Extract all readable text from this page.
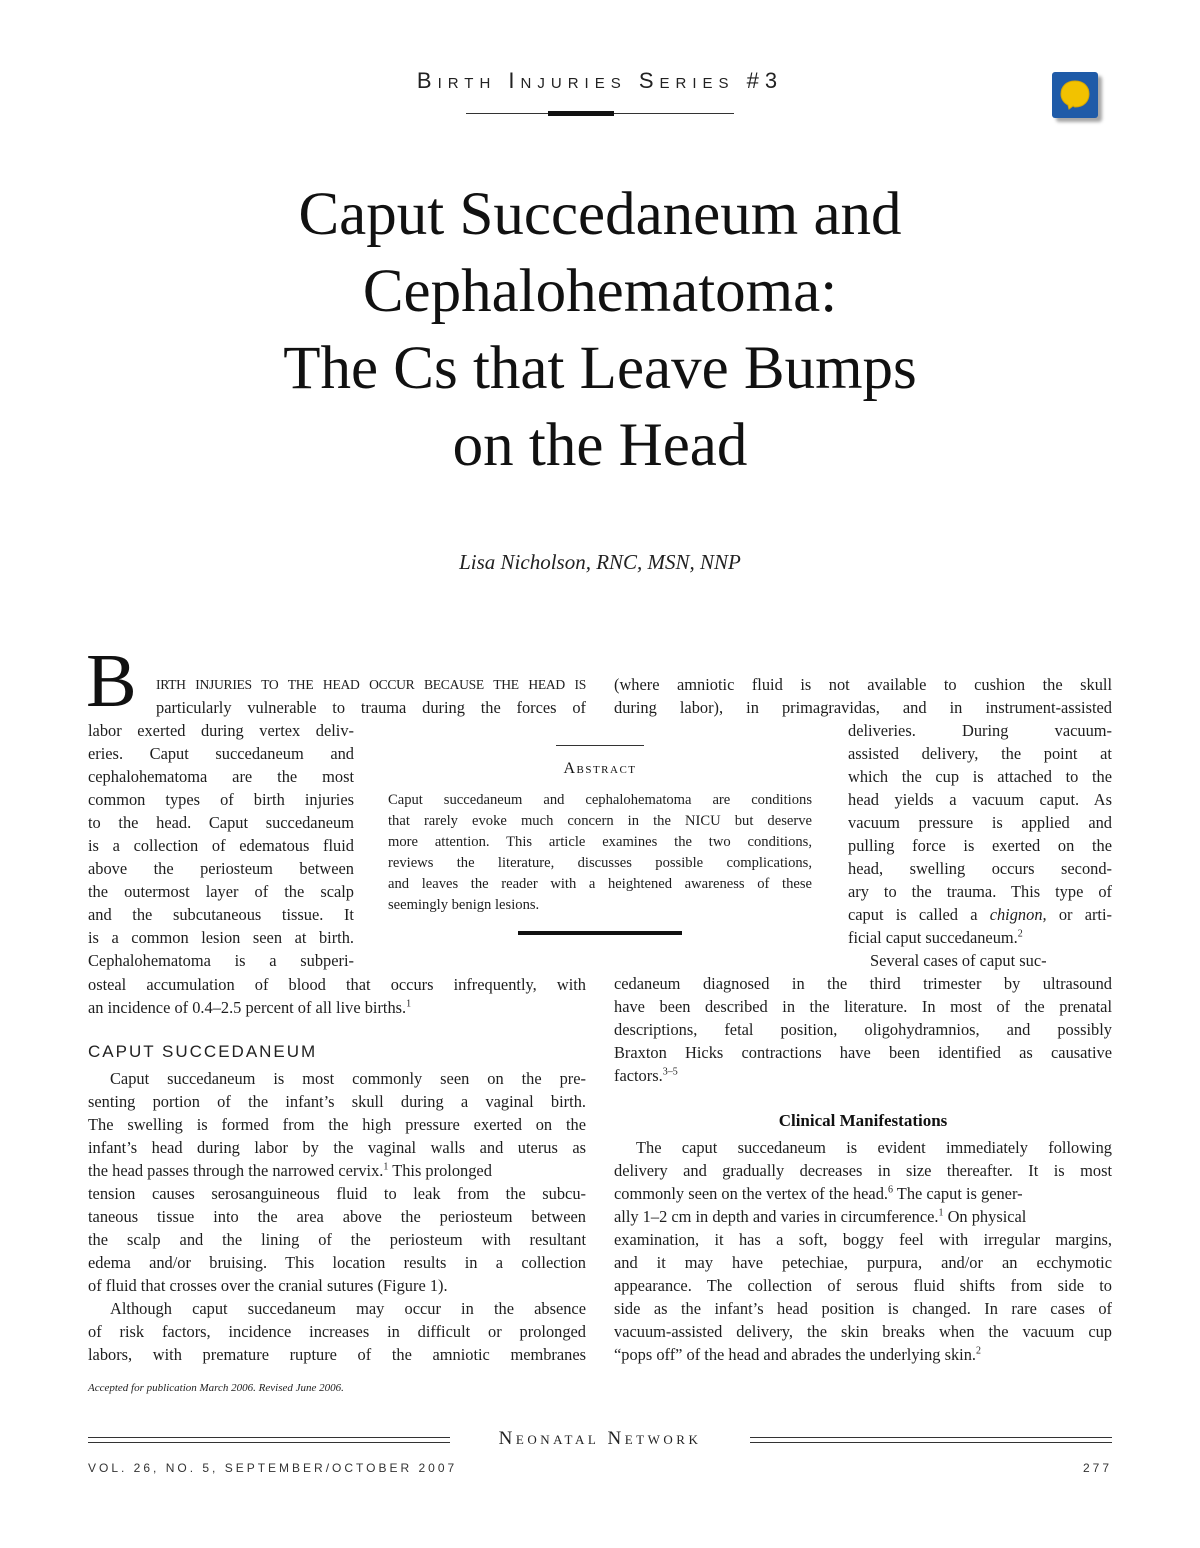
Birth Injuries Series #3
Caput Succedaneum and
Cephalohematoma:
The Cs that Leave Bumps
on the Head
Lisa Nicholson, RNC, MSN, NNP
B IRTH INJURIES TO THE HEAD OCCUR BECAUSE THE HEAD IS
particularly vulnerable to trauma during the forces of
labor exerted during vertex deliv-
eries. Caput succedaneum and
cephalohematoma are the most
common types of birth injuries
to the head. Caput succedaneum
is a collection of edematous fluid
above the periosteum between
the outermost layer of the scalp
and the subcutaneous tissue. It
is a common lesion seen at birth.
Cephalohematoma is a subperi-
osteal accumulation of blood that occurs infrequently, with
an incidence of 0.4–2.5 percent of all live births.$^1$
Abstract
Caput succedaneum and cephalohematoma are conditions
that rarely evoke much concern in the NICU but deserve
more attention. This article examines the two conditions,
reviews the literature, discusses possible complications,
and leaves the reader with a heightened awareness of these
seemingly benign lesions.
CAPUT SUCCEDANEUM
Caput succedaneum is most commonly seen on the pre-
senting portion of the infant’s skull during a vaginal birth.
The swelling is formed from the high pressure exerted on the
infant’s head during labor by the vaginal walls and uterus as
the head passes through the narrowed cervix.$^1$ This prolonged
tension causes serosanguineous fluid to leak from the subcu-
taneous tissue into the area above the periosteum between
the scalp and the lining of the periosteum with resultant
edema and/or bruising. This location results in a collection
of fluid that crosses over the cranial sutures (Figure 1).
Although caput succedaneum may occur in the absence
of risk factors, incidence increases in difficult or prolonged
labors, with premature rupture of the amniotic membranes
(where amniotic fluid is not available to cushion the skull
during labor), in primagravidas, and in instrument-assisted
deliveries. During vacuum-
assisted delivery, the point at
which the cup is attached to the
head yields a vacuum caput. As
vacuum pressure is applied and
pulling force is exerted on the
head, swelling occurs second-
ary to the trauma. This type of
caput is called a chignon, or arti-
ficial caput succedaneum.$^2$
Several cases of caput suc-
cedaneum diagnosed in the third trimester by ultrasound
have been described in the literature. In most of the prenatal
descriptions, fetal position, oligohydramnios, and possibly
Braxton Hicks contractions have been identified as causative
factors.$^{3-5}$
Clinical Manifestations
The caput succedaneum is evident immediately following
delivery and gradually decreases in size thereafter. It is most
commonly seen on the vertex of the head.$^6$ The caput is gener-
ally 1–2 cm in depth and varies in circumference.$^1$ On physical
examination, it has a soft, boggy feel with irregular margins,
and it may have petechiae, purpura, and/or an ecchymotic
appearance. The collection of serous fluid shifts from side to
side as the infant’s head position is changed. In rare cases of
vacuum-assisted delivery, the skin breaks when the vacuum cup
“pops off” of the head and abrades the underlying skin.$^2$
Accepted for publication March 2006. Revised June 2006.
Neonatal Network
VOL. 26, NO. 5, SEPTEMBER/OCTOBER 2007	277
